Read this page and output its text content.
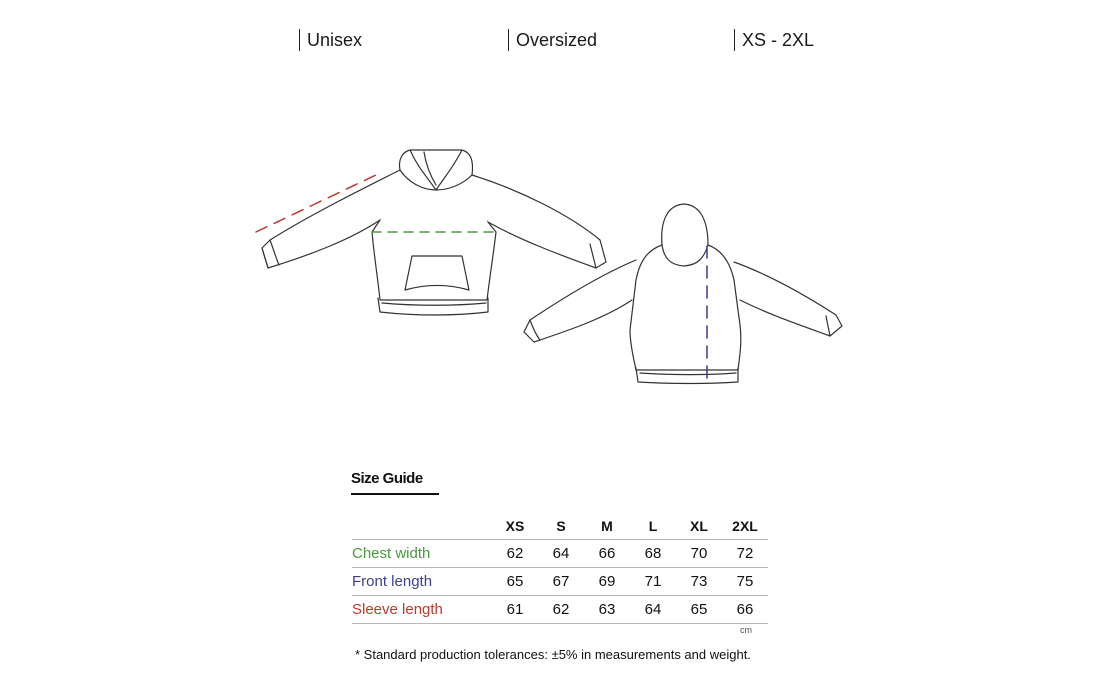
Unisex	Oversized	XS - 2XL
Size Guide
	XS	S	M	L	XL	2XL
Chest width	62	64	66	68	70	72
Front length	65	67	69	71	73	75
Sleeve length	61	62	63	64	65	66
cm
* Standard production tolerances: ±5% in measurements and weight.
